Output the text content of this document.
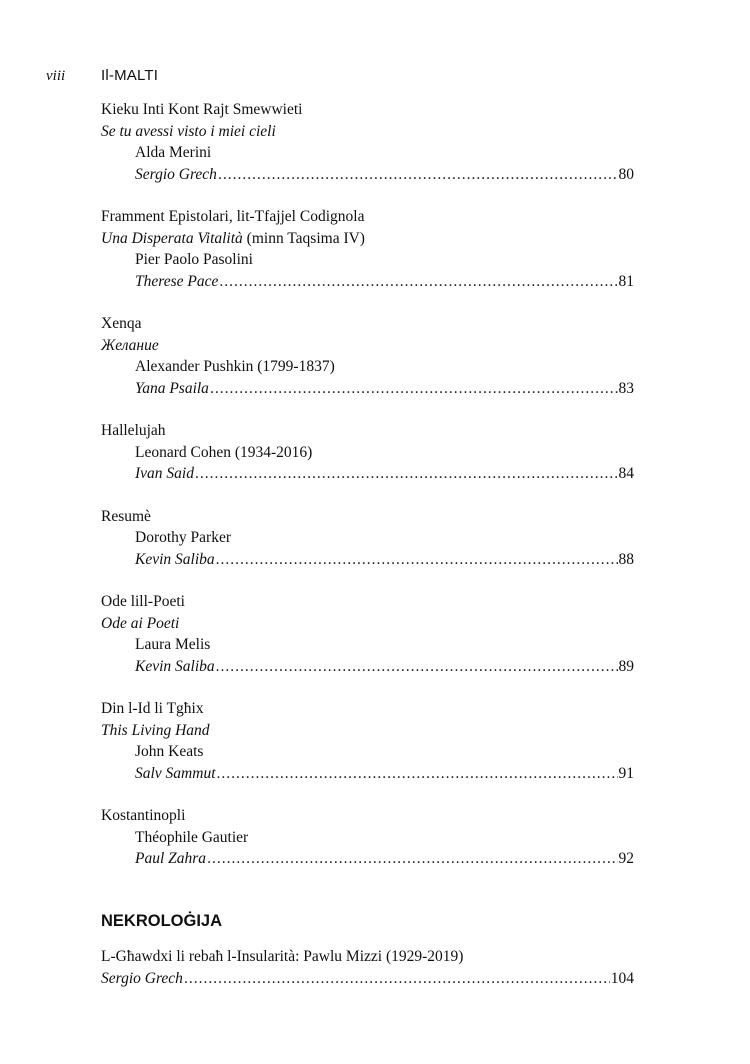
viii Il-MALTI
Kieku Inti Kont Rajt Smewwieti
Se tu avessi visto i miei cieli
Alda Merini
Sergio Grech .....	80
Framment Epistolari, lit-Tfajjel Codignola
Una Disperata Vitalità (minn Taqsima IV)
Pier Paolo Pasolini
Therese Pace .....	81
Xenqa
Желание
Alexander Pushkin (1799-1837)
Yana Psaila .....	83
Hallelujah
Leonard Cohen (1934-2016)
Ivan Said .....	84
Resumè
Dorothy Parker
Kevin Saliba .....	88
Ode lill-Poeti
Ode ai Poeti
Laura Melis
Kevin Saliba .....	89
Din l-Id li Tgħix
This Living Hand
John Keats
Salv Sammut .....	91
Kostantinopli
Théophile Gautier
Paul Zahra .....	92
NEKROLOĠIJA
L-Għawdxi li rebaħ l-Insularità: Pawlu Mizzi (1929-2019)
Sergio Grech .....	104
